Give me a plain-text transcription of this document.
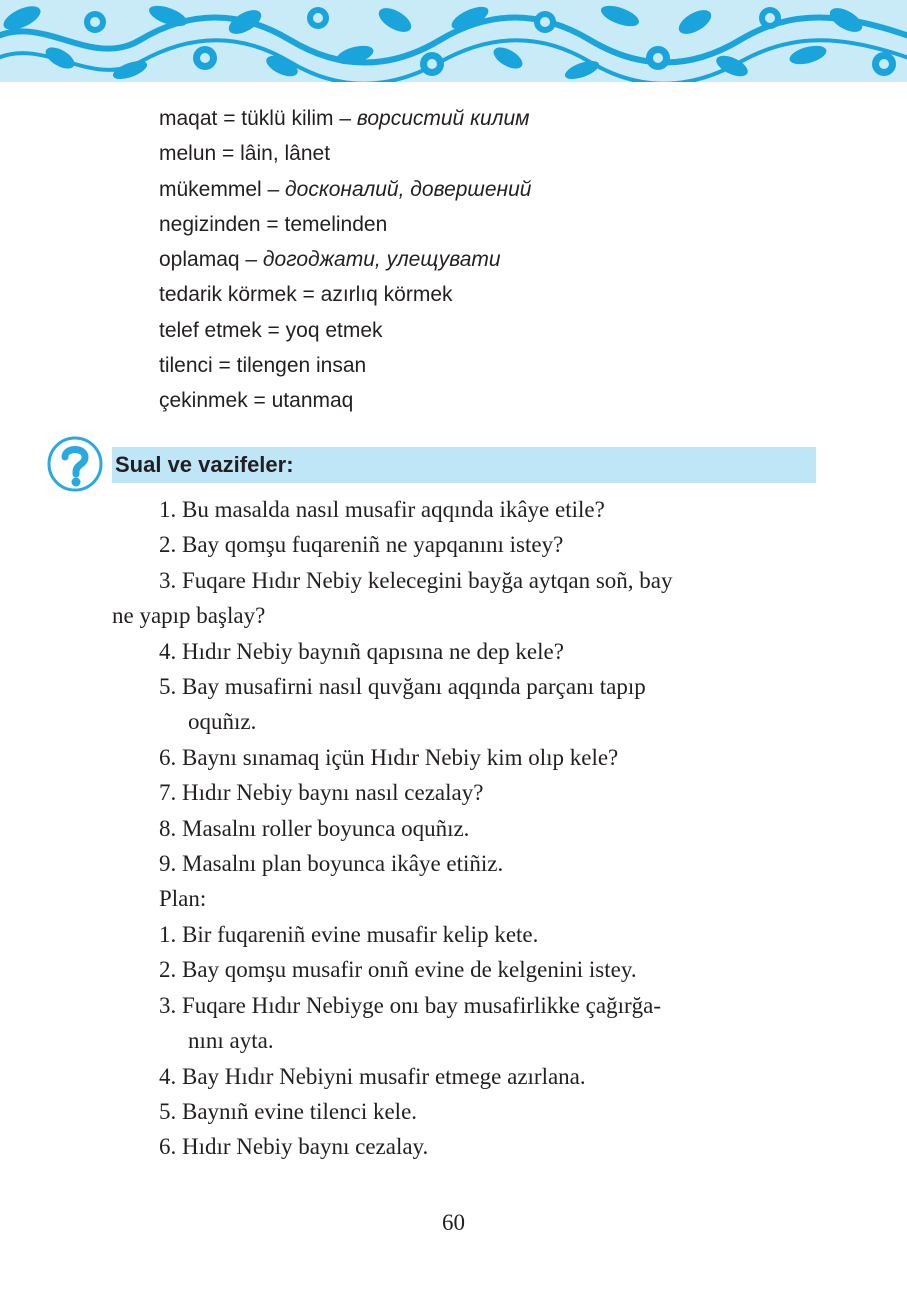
maqat = tüklü kilim – ворсистий килим
melun = lâin, lânet
mükemmel – досконалий, довершений
negizinden = temelinden
oplamaq – догоджати, улещувати
tedarik körmek = azırlıq körmek
telef etmek = yoq etmek
tilenci = tilengen insan
çekinmek = utanmaq
Sual ve vazifeler:
1. Bu masalda nasıl musafir aqqında ikâye etile?
2. Bay qomşu fuqareniñ ne yapqanını istey?
3. Fuqare Hıdır Nebiy kelecegini bayğa aytqan soñ, bay
ne yapıp başlay?
4. Hıdır Nebiy baynıñ qapısına ne dep kele?
5. Bay musafirni nasıl quvğanı aqqında parçanı tapıp
oquñız.
6. Baynı sınamaq içün Hıdır Nebiy kim olıp kele?
7. Hıdır Nebiy baynı nasıl cezalay?
8. Masalnı roller boyunca oquñız.
9. Masalnı plan boyunca ikâye etiñiz.
Plan:
1. Bir fuqareniñ evine musafir kelip kete.
2. Bay qomşu musafir onıñ evine de kelgenini istey.
3. Fuqare Hıdır Nebiyge onı bay musafirlikke çağırğa-
nını ayta.
4. Bay Hıdır Nebiyni musafir etmege azırlana.
5. Baynıñ evine tilenci kele.
6. Hıdır Nebiy baynı cezalay.
60
